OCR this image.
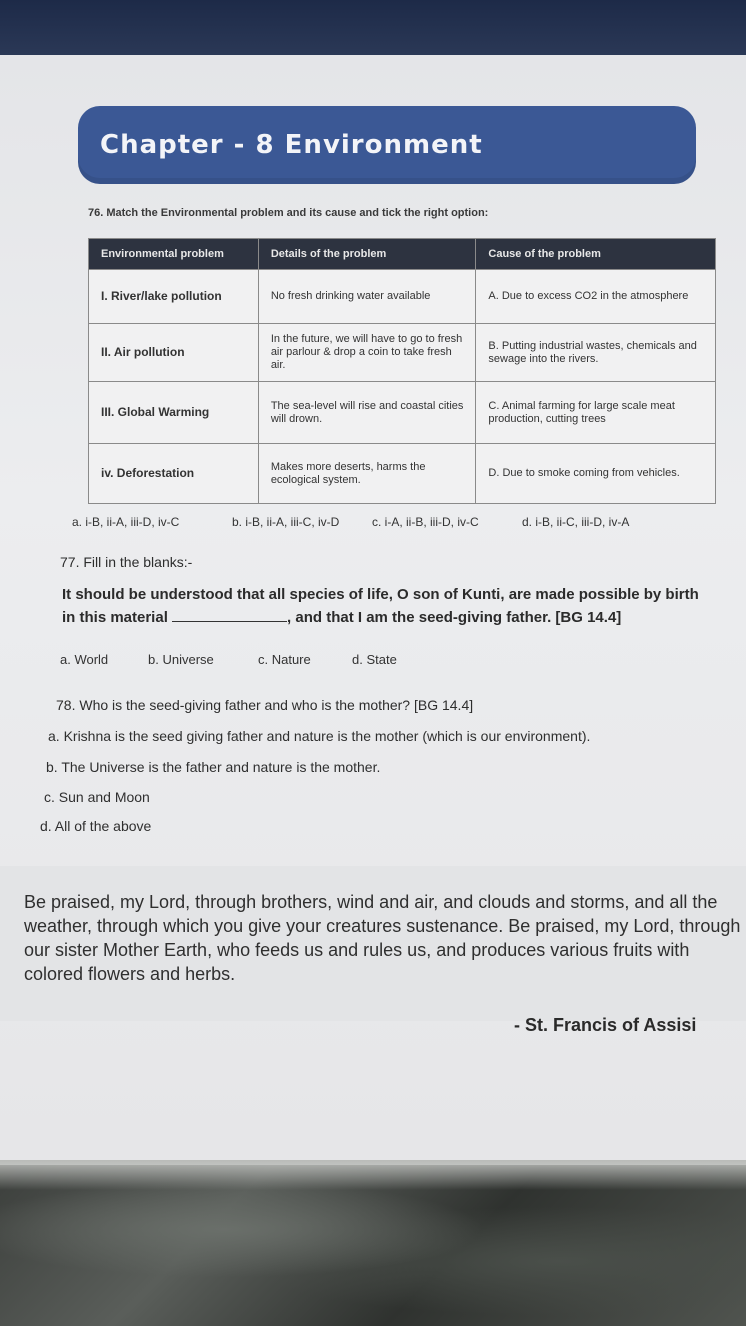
Chapter - 8 Environment
76. Match the Environmental problem and its cause and tick the right option:
Environmental problem	Details of the problem	Cause of the problem
I. River/lake pollution	No fresh drinking water available	A. Due to excess CO2 in the atmosphere
II. Air pollution	In the future, we will have to go to fresh air parlour & drop a coin to take fresh air.	B. Putting industrial wastes, chemicals and sewage into the rivers.
III. Global Warming	The sea-level will rise and coastal cities will drown.	C. Animal farming for large scale meat production, cutting trees
iv. Deforestation	Makes more deserts, harms the ecological system.	D. Due to smoke coming from vehicles.
a. i-B, ii-A, iii-D, iv-C	b. i-B, ii-A, iii-C, iv-D	c. i-A, ii-B, iii-D, iv-C	d. i-B, ii-C, iii-D, iv-A
77. Fill in the blanks:-
It should be understood that all species of life, O son of Kunti, are made possible by birth in this material	, and that I am the seed-giving father. [BG 14.4]
a. World	b. Universe	c. Nature	d. State
78. Who is the seed-giving father and who is the mother? [BG 14.4]
a. Krishna is the seed giving father and nature is the mother (which is our environment).
b. The Universe is the father and nature is the mother.
c. Sun and Moon
d. All of the above
Be praised, my Lord, through brothers, wind and air, and clouds and storms, and all the weather, through which you give your creatures sustenance. Be praised, my Lord, through our sister Mother Earth, who feeds us and rules us, and produces various fruits with colored flowers and herbs.
- St. Francis of Assisi
